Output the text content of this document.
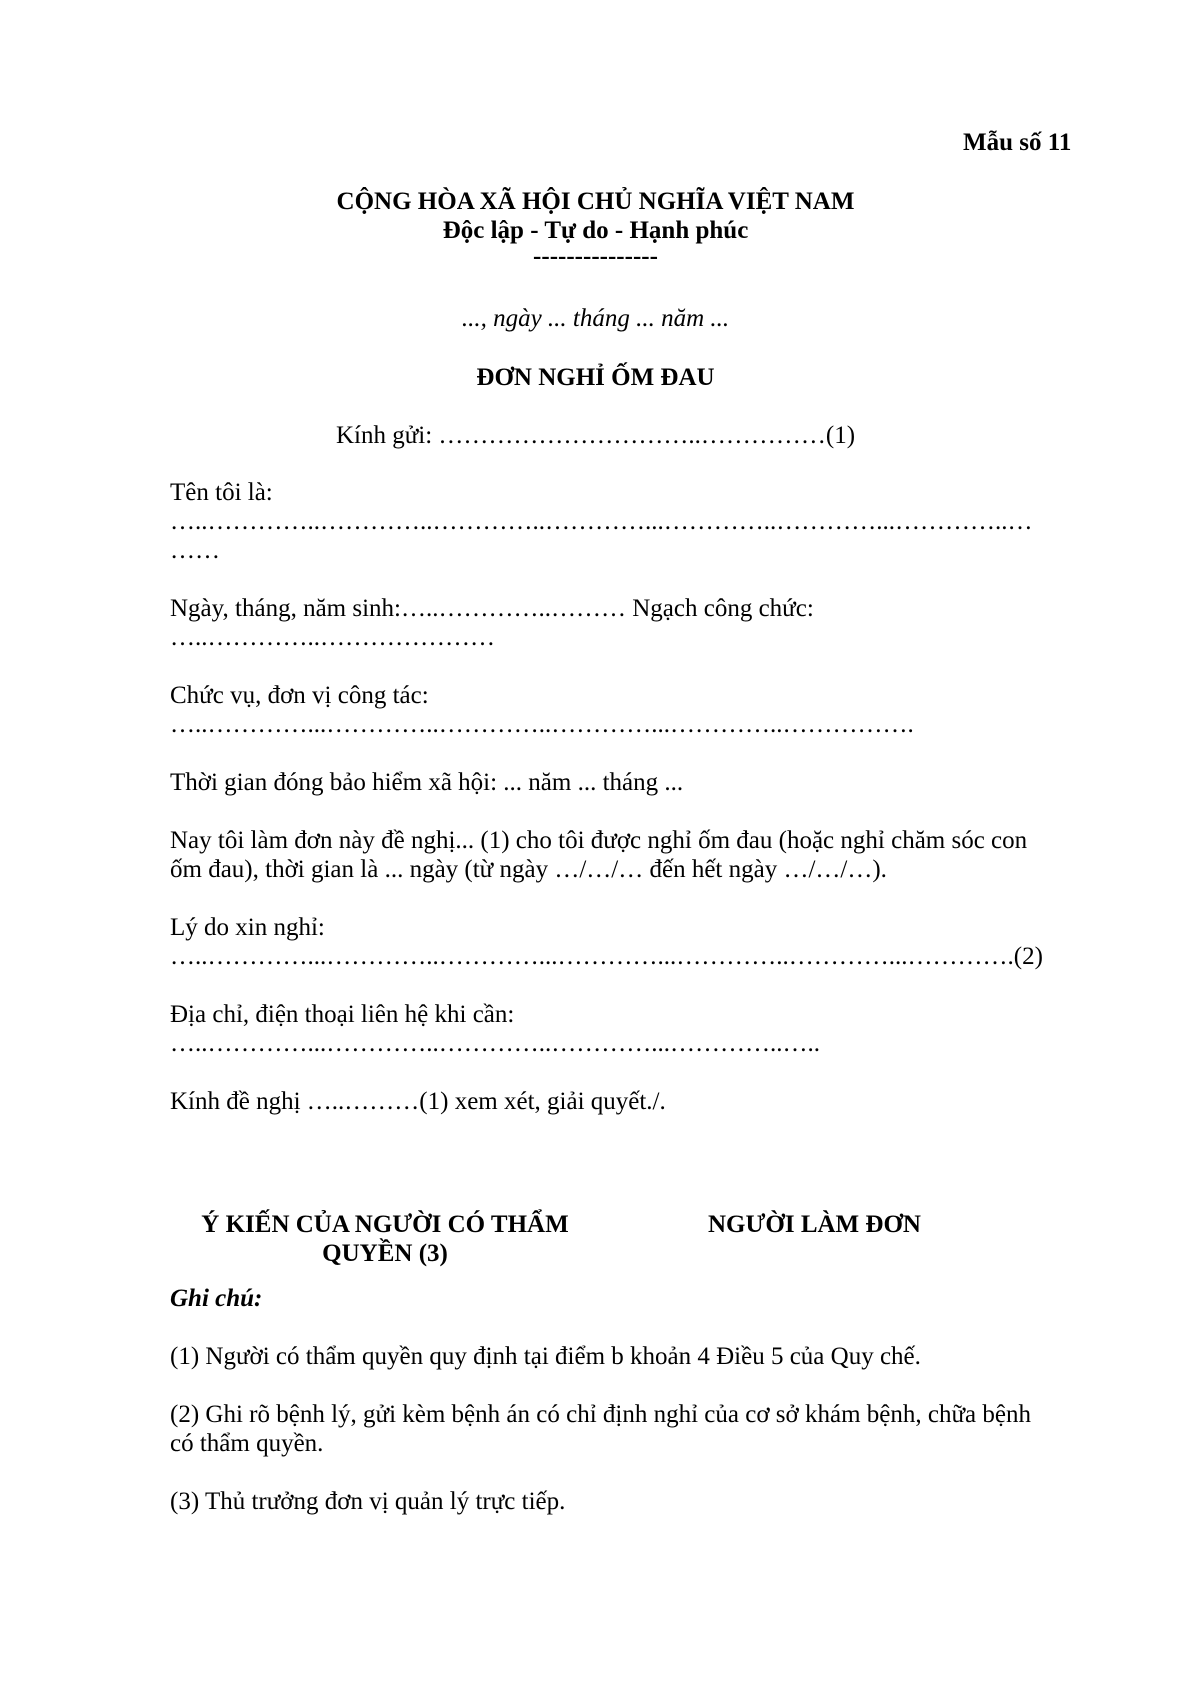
Mẫu số 11
CỘNG HÒA XÃ HỘI CHỦ NGHĨA VIỆT NAM
Độc lập - Tự do - Hạnh phúc
---------------
..., ngày ... tháng ... năm ...
ĐƠN NGHỈ ỐM ĐAU
Kính gửi: …………………………..……………(1)
Tên tôi là:
…..…………..…………..…………..…………...…………..…………...…………..…
……
Ngày, tháng, năm sinh:…..…………..……… Ngạch công chức:
…..…………..…………………
Chức vụ, đơn vị công tác:
…..…………...…………..…………..…………...…………..…………….
Thời gian đóng bảo hiểm xã hội: ... năm ... tháng ...
Nay tôi làm đơn này đề nghị... (1) cho tôi được nghỉ ốm đau (hoặc nghỉ chăm sóc con
ốm đau), thời gian là ... ngày (từ ngày …/…/… đến hết ngày …/…/…).
Lý do xin nghỉ:
…..…………...…………..…………...…………...…………..…………...………….(2)
Địa chỉ, điện thoại liên hệ khi cần:
…..…………...…………..…………..…………...…………..…..
Kính đề nghị …..………(1) xem xét, giải quyết./.
Ý KIẾN CỦA NGƯỜI CÓ THẨM
QUYỀN (3)
NGƯỜI LÀM ĐƠN
Ghi chú:
(1) Người có thẩm quyền quy định tại điểm b khoản 4 Điều 5 của Quy chế.
(2) Ghi rõ bệnh lý, gửi kèm bệnh án có chỉ định nghỉ của cơ sở khám bệnh, chữa bệnh
có thẩm quyền.
(3) Thủ trưởng đơn vị quản lý trực tiếp.
